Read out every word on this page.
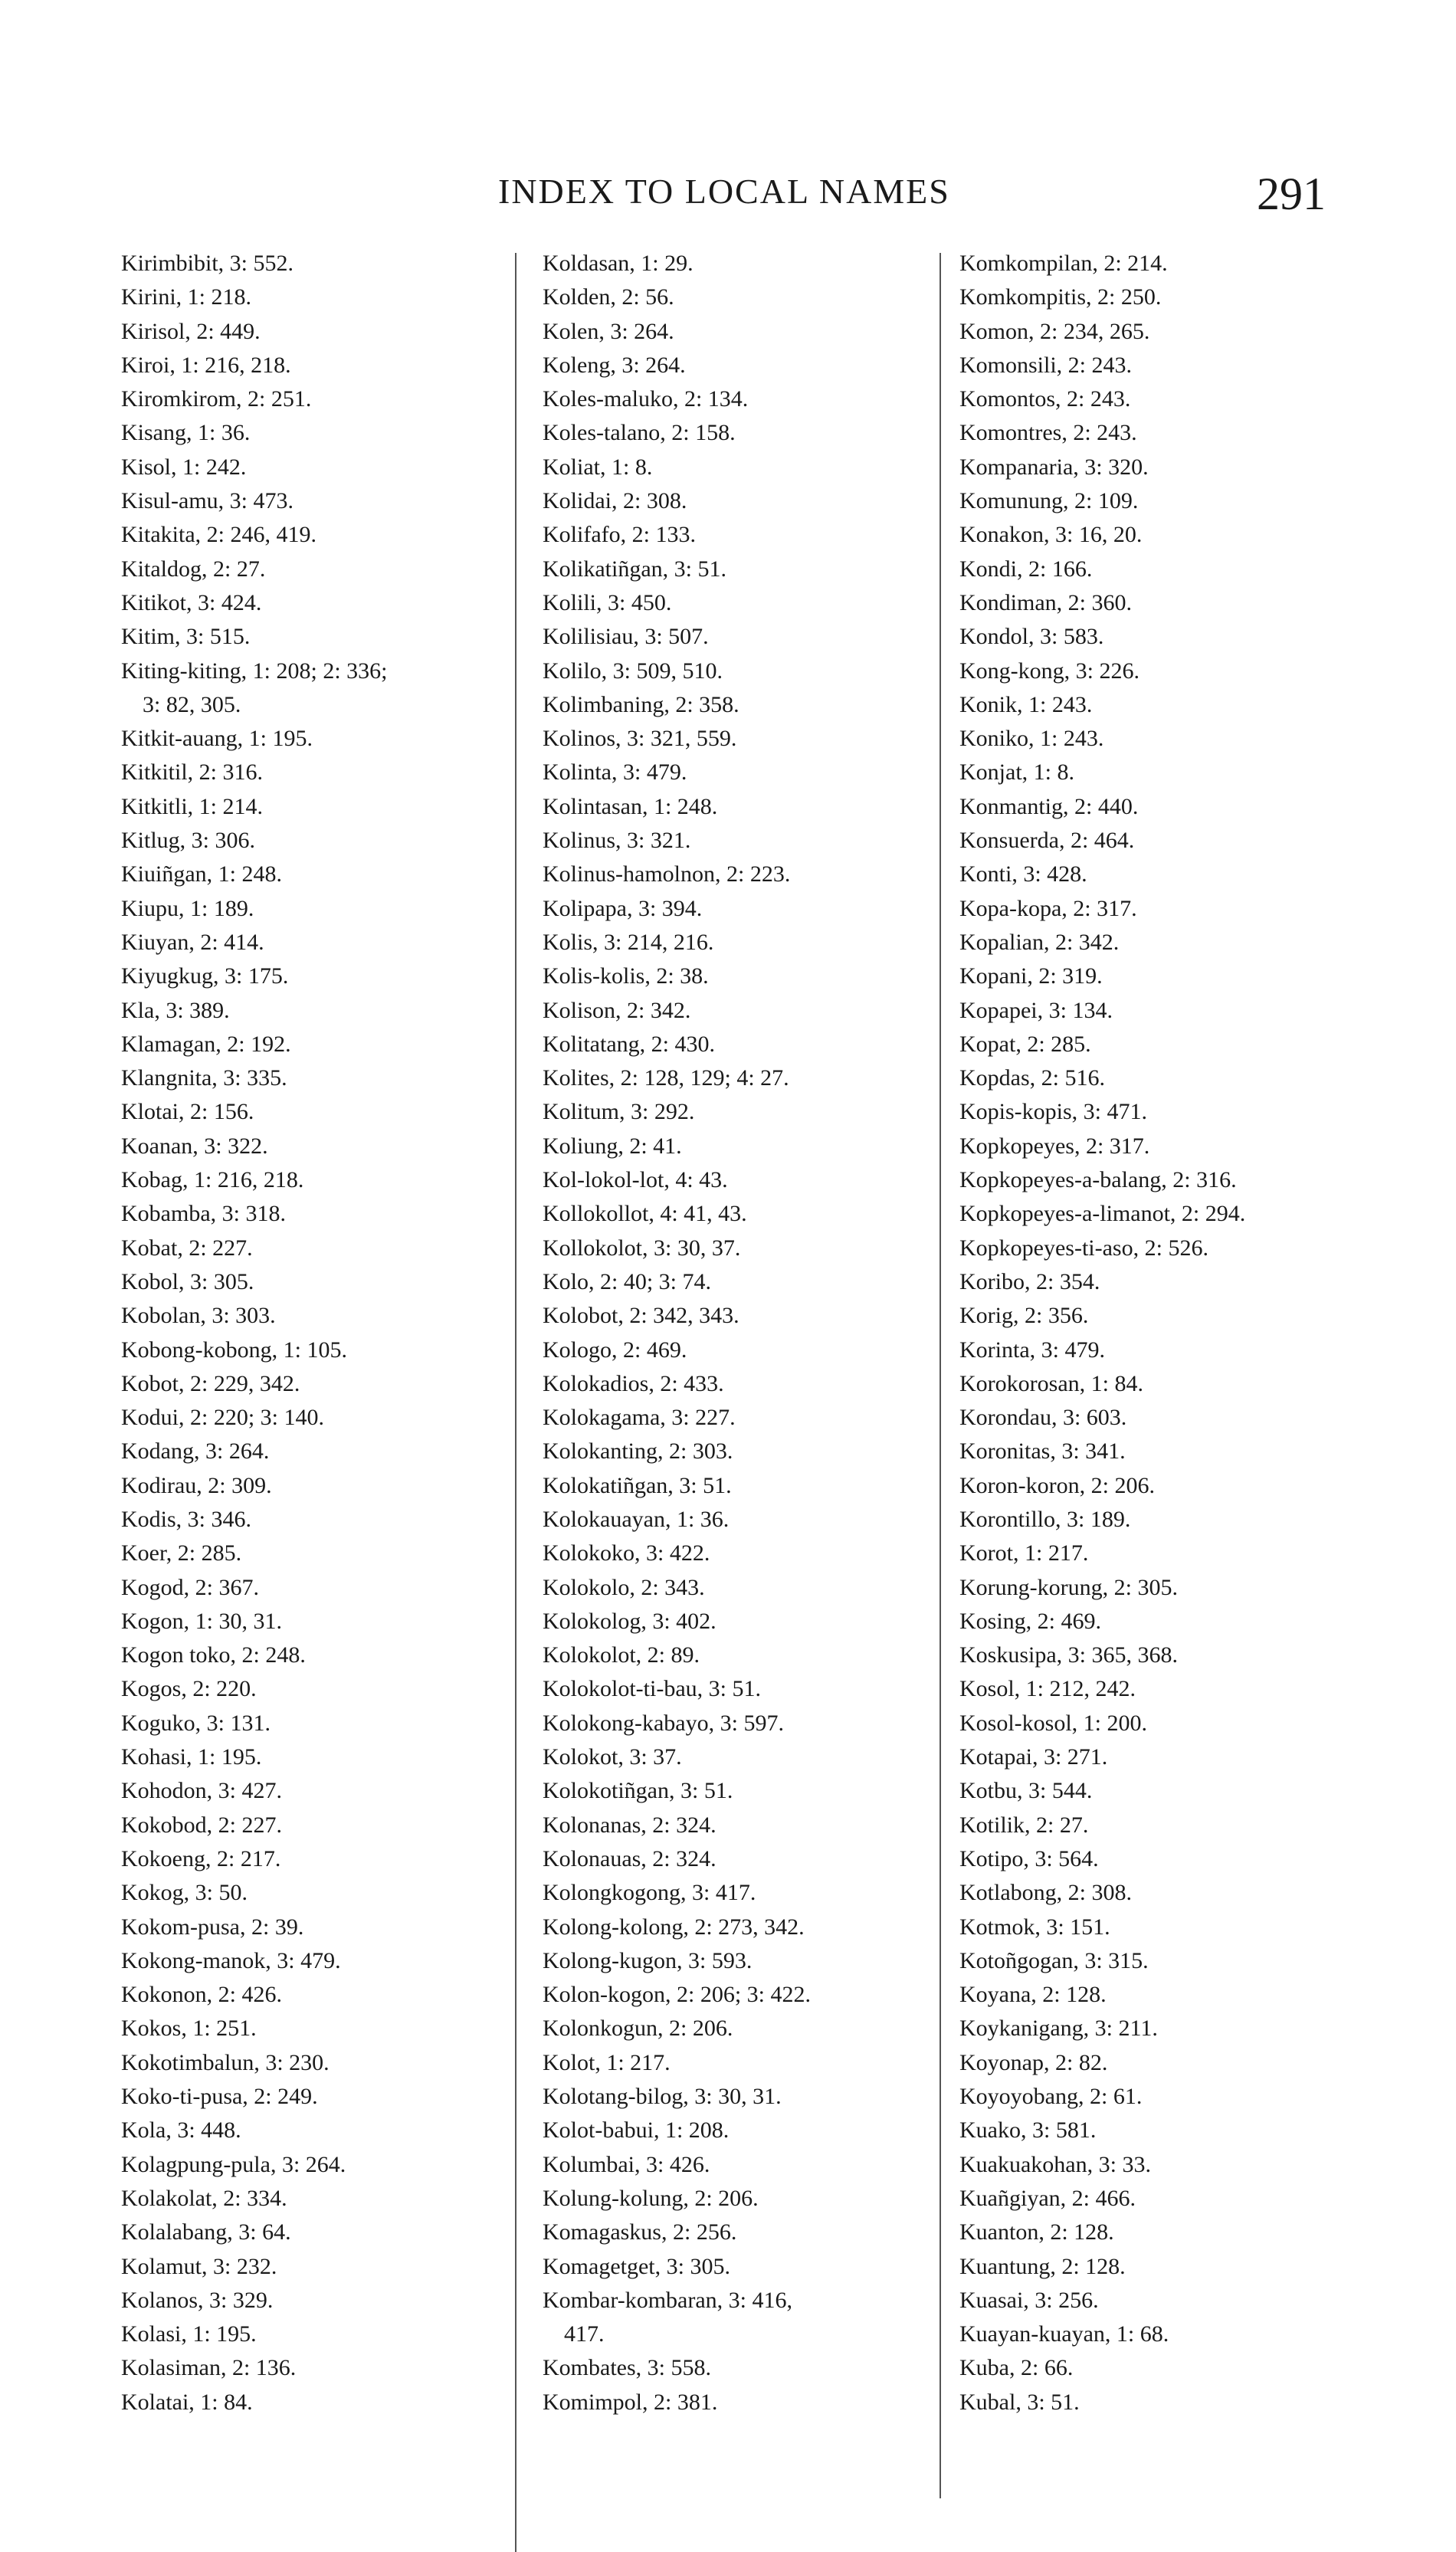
INDEX TO LOCAL NAMES	291
Kirimbibit, 3: 552.
Kirini, 1: 218.
Kirisol, 2: 449.
Kiroi, 1: 216, 218.
Kiromkirom, 2: 251.
Kisang, 1: 36.
Kisol, 1: 242.
Kisul-amu, 3: 473.
Kitakita, 2: 246, 419.
Kitaldog, 2: 27.
Kitikot, 3: 424.
Kitim, 3: 515.
Kiting-kiting, 1: 208; 2: 336;
3: 82, 305.
Kitkit-auang, 1: 195.
Kitkitil, 2: 316.
Kitkitli, 1: 214.
Kitlug, 3: 306.
Kiuiñgan, 1: 248.
Kiupu, 1: 189.
Kiuyan, 2: 414.
Kiyugkug, 3: 175.
Kla, 3: 389.
Klamagan, 2: 192.
Klangnita, 3: 335.
Klotai, 2: 156.
Koanan, 3: 322.
Kobag, 1: 216, 218.
Kobamba, 3: 318.
Kobat, 2: 227.
Kobol, 3: 305.
Kobolan, 3: 303.
Kobong-kobong, 1: 105.
Kobot, 2: 229, 342.
Kodui, 2: 220; 3: 140.
Kodang, 3: 264.
Kodirau, 2: 309.
Kodis, 3: 346.
Koer, 2: 285.
Kogod, 2: 367.
Kogon, 1: 30, 31.
Kogon toko, 2: 248.
Kogos, 2: 220.
Koguko, 3: 131.
Kohasi, 1: 195.
Kohodon, 3: 427.
Kokobod, 2: 227.
Kokoeng, 2: 217.
Kokog, 3: 50.
Kokom-pusa, 2: 39.
Kokong-manok, 3: 479.
Kokonon, 2: 426.
Kokos, 1: 251.
Kokotimbalun, 3: 230.
Koko-ti-pusa, 2: 249.
Kola, 3: 448.
Kolagpung-pula, 3: 264.
Kolakolat, 2: 334.
Kolalabang, 3: 64.
Kolamut, 3: 232.
Kolanos, 3: 329.
Kolasi, 1: 195.
Kolasiman, 2: 136.
Kolatai, 1: 84.
Koldasan, 1: 29.
Kolden, 2: 56.
Kolen, 3: 264.
Koleng, 3: 264.
Koles-maluko, 2: 134.
Koles-talano, 2: 158.
Koliat, 1: 8.
Kolidai, 2: 308.
Kolifafo, 2: 133.
Kolikatiñgan, 3: 51.
Kolili, 3: 450.
Kolilisiau, 3: 507.
Kolilo, 3: 509, 510.
Kolimbaning, 2: 358.
Kolinos, 3: 321, 559.
Kolinta, 3: 479.
Kolintasan, 1: 248.
Kolinus, 3: 321.
Kolinus-hamolnon, 2: 223.
Kolipapa, 3: 394.
Kolis, 3: 214, 216.
Kolis-kolis, 2: 38.
Kolison, 2: 342.
Kolitatang, 2: 430.
Kolites, 2: 128, 129; 4: 27.
Kolitum, 3: 292.
Koliung, 2: 41.
Kol-lokol-lot, 4: 43.
Kollokollot, 4: 41, 43.
Kollokolot, 3: 30, 37.
Kolo, 2: 40; 3: 74.
Kolobot, 2: 342, 343.
Kologo, 2: 469.
Kolokadios, 2: 433.
Kolokagama, 3: 227.
Kolokanting, 2: 303.
Kolokatiñgan, 3: 51.
Kolokauayan, 1: 36.
Kolokoko, 3: 422.
Kolokolo, 2: 343.
Kolokolog, 3: 402.
Kolokolot, 2: 89.
Kolokolot-ti-bau, 3: 51.
Kolokong-kabayo, 3: 597.
Kolokot, 3: 37.
Kolokotiñgan, 3: 51.
Kolonanas, 2: 324.
Kolonauas, 2: 324.
Kolongkogong, 3: 417.
Kolong-kolong, 2: 273, 342.
Kolong-kugon, 3: 593.
Kolon-kogon, 2: 206; 3: 422.
Kolonkogun, 2: 206.
Kolot, 1: 217.
Kolotang-bilog, 3: 30, 31.
Kolot-babui, 1: 208.
Kolumbai, 3: 426.
Kolung-kolung, 2: 206.
Komagaskus, 2: 256.
Komagetget, 3: 305.
Kombar-kombaran, 3: 416,
417.
Kombates, 3: 558.
Komimpol, 2: 381.
Komkompilan, 2: 214.
Komkompitis, 2: 250.
Komon, 2: 234, 265.
Komonsili, 2: 243.
Komontos, 2: 243.
Komontres, 2: 243.
Kompanaria, 3: 320.
Komunung, 2: 109.
Konakon, 3: 16, 20.
Kondi, 2: 166.
Kondiman, 2: 360.
Kondol, 3: 583.
Kong-kong, 3: 226.
Konik, 1: 243.
Koniko, 1: 243.
Konjat, 1: 8.
Konmantig, 2: 440.
Konsuerda, 2: 464.
Konti, 3: 428.
Kopa-kopa, 2: 317.
Kopalian, 2: 342.
Kopani, 2: 319.
Kopapei, 3: 134.
Kopat, 2: 285.
Kopdas, 2: 516.
Kopis-kopis, 3: 471.
Kopkopeyes, 2: 317.
Kopkopeyes-a-balang, 2: 316.
Kopkopeyes-a-limanot, 2: 294.
Kopkopeyes-ti-aso, 2: 526.
Koribo, 2: 354.
Korig, 2: 356.
Korinta, 3: 479.
Korokorosan, 1: 84.
Korondau, 3: 603.
Koronitas, 3: 341.
Koron-koron, 2: 206.
Korontillo, 3: 189.
Korot, 1: 217.
Korung-korung, 2: 305.
Kosing, 2: 469.
Koskusipa, 3: 365, 368.
Kosol, 1: 212, 242.
Kosol-kosol, 1: 200.
Kotapai, 3: 271.
Kotbu, 3: 544.
Kotilik, 2: 27.
Kotipo, 3: 564.
Kotlabong, 2: 308.
Kotmok, 3: 151.
Kotoñgogan, 3: 315.
Koyana, 2: 128.
Koykanigang, 3: 211.
Koyonap, 2: 82.
Koyoyobang, 2: 61.
Kuako, 3: 581.
Kuakuakohan, 3: 33.
Kuañgiyan, 2: 466.
Kuanton, 2: 128.
Kuantung, 2: 128.
Kuasai, 3: 256.
Kuayan-kuayan, 1: 68.
Kuba, 2: 66.
Kubal, 3: 51.
